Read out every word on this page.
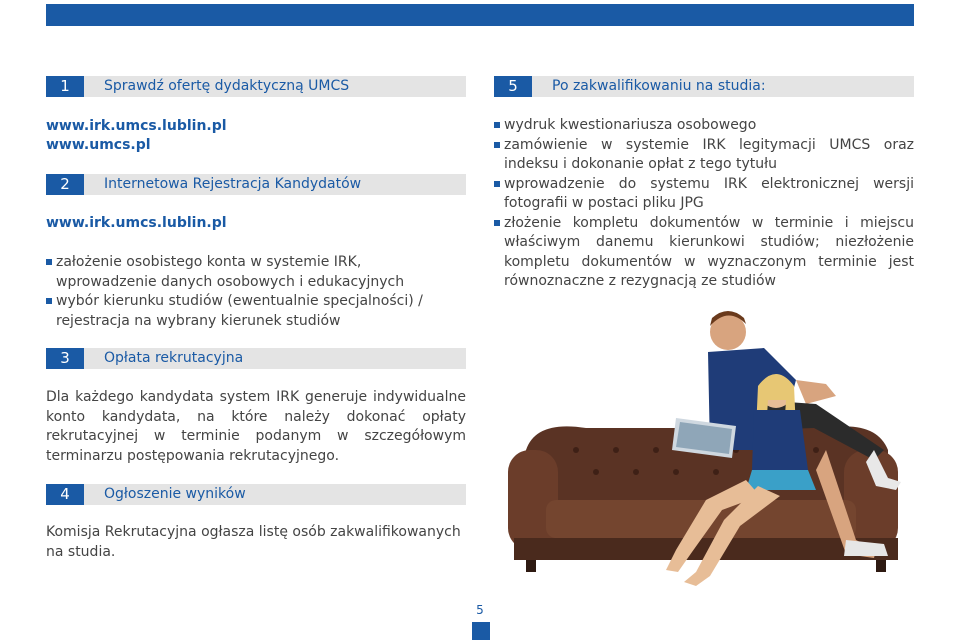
1	Sprawdź ofertę dydaktyczną UMCS
www.irk.umcs.lublin.pl
www.umcs.pl
2	Internetowa Rejestracja Kandydatów
www.irk.umcs.lublin.pl
założenie osobistego konta w systemie IRK, wprowadzenie danych osobowych i edukacyjnych
wybór kierunku studiów (ewentualnie specjalności) / rejestracja na wybrany kierunek studiów
3	Opłata rekrutacyjna

Dla każdego kandydata system IRK generuje indywidualne konto kandydata, na które należy dokonać opłaty rekrutacyjnej w terminie podanym w szczegółowym terminarzu postępowania rekrutacyjnego.

4	Ogłoszenie wyników

Komisja Rekrutacyjna ogłasza listę osób zakwalifikowanych na studia.

5	Po zakwalifikowaniu na studia:
wydruk kwestionariusza osobowego
zamówienie w systemie IRK legitymacji UMCS oraz indeksu i dokonanie opłat z tego tytułu
wprowadzenie do systemu IRK elektronicznej wersji fotografii w postaci pliku JPG
złożenie kompletu dokumentów w terminie i miejscu właściwym danemu kierunkowi studiów; niezłożenie kompletu dokumentów w wyznaczonym terminie jest równoznaczne z rezygnacją ze studiów
5
